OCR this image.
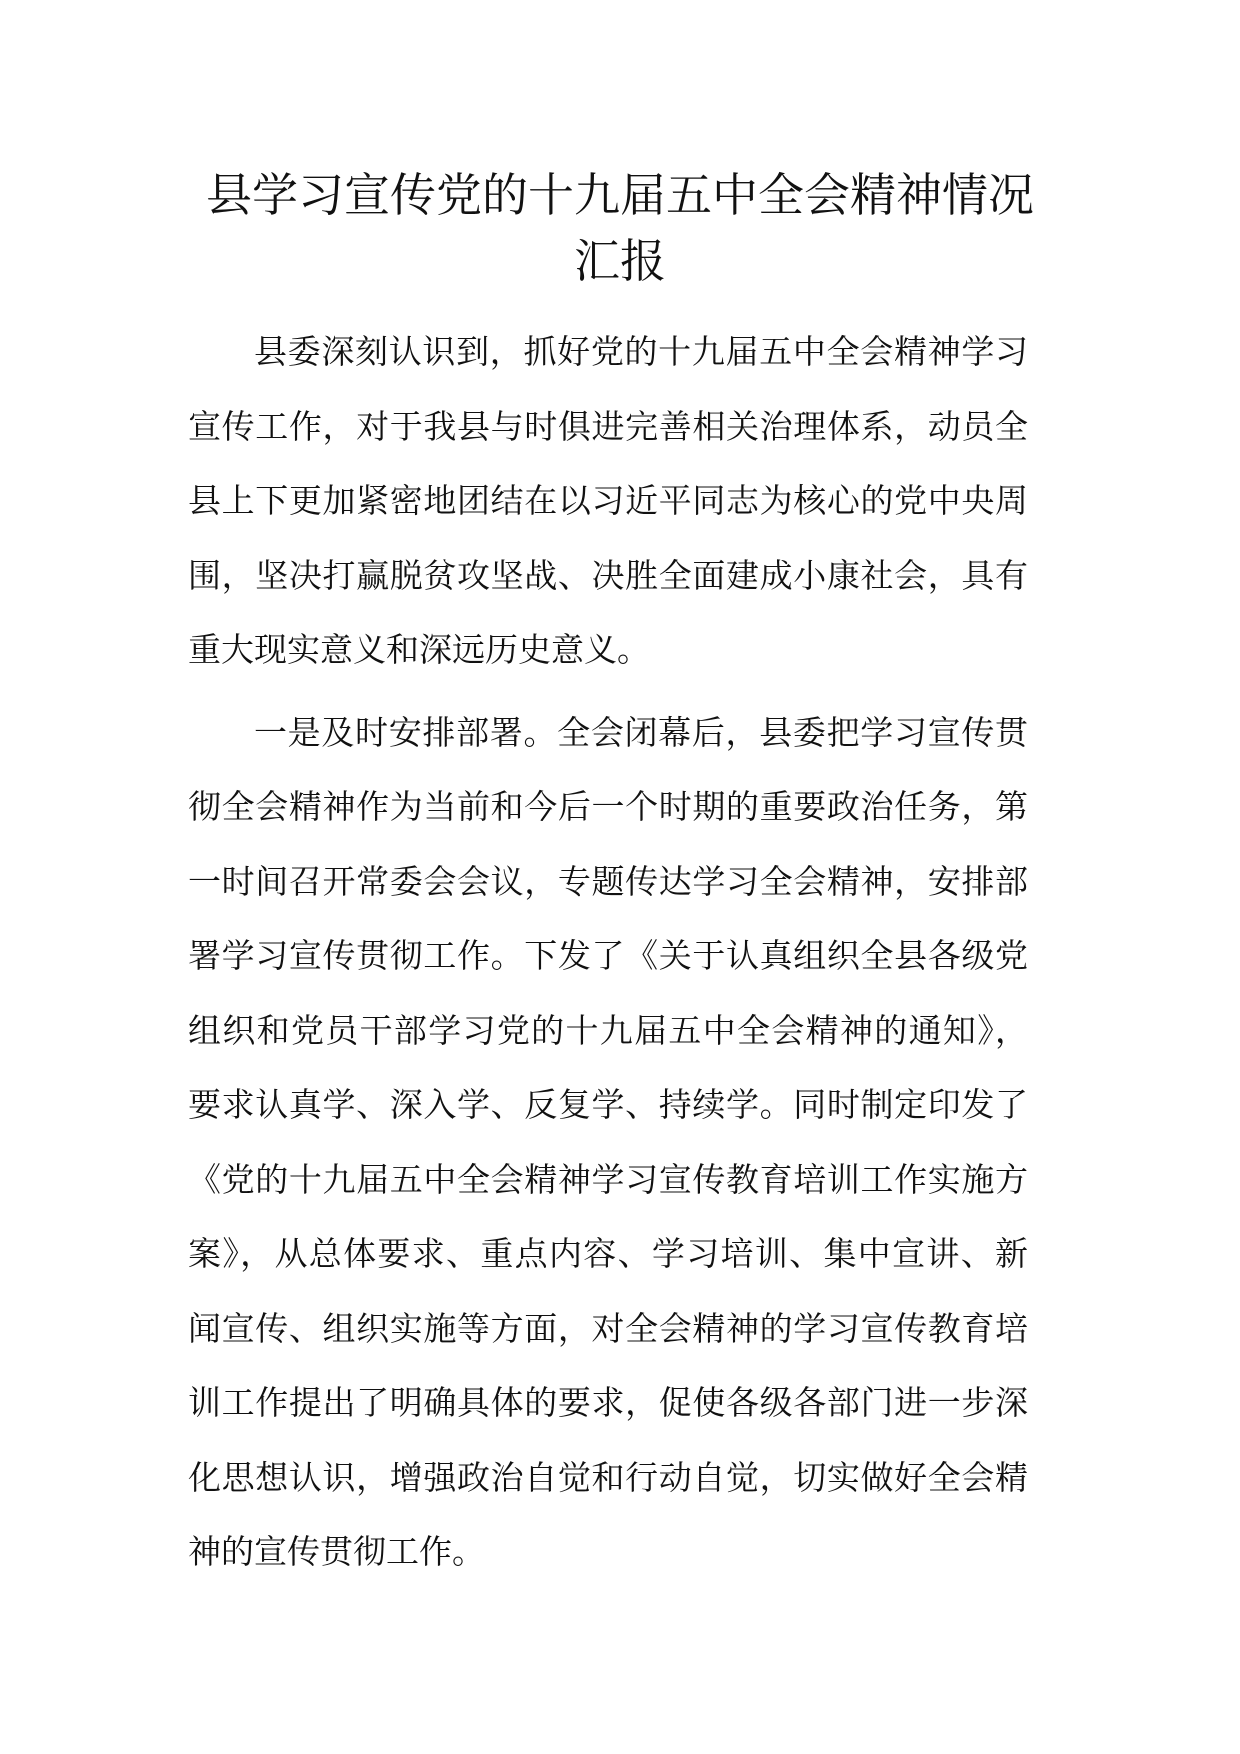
县学习宣传党的十九届五中全会精神情况
汇报

县委深刻认识到，抓好党的十九届五中全会精神学习宣传工作，对于我县与时俱进完善相关治理体系，动员全县上下更加紧密地团结在以习近平同志为核心的党中央周围，坚决打赢脱贫攻坚战、决胜全面建成小康社会，具有重大现实意义和深远历史意义。

一是及时安排部署。全会闭幕后，县委把学习宣传贯彻全会精神作为当前和今后一个时期的重要政治任务，第一时间召开常委会会议，专题传达学习全会精神，安排部署学习宣传贯彻工作。下发了《关于认真组织全县各级党组织和党员干部学习党的十九届五中全会精神的通知》，要求认真学、深入学、反复学、持续学。同时制定印发了《党的十九届五中全会精神学习宣传教育培训工作实施方案》，从总体要求、重点内容、学习培训、集中宣讲、新闻宣传、组织实施等方面，对全会精神的学习宣传教育培训工作提出了明确具体的要求，促使各级各部门进一步深化思想认识，增强政治自觉和行动自觉，切实做好全会精神的宣传贯彻工作。
